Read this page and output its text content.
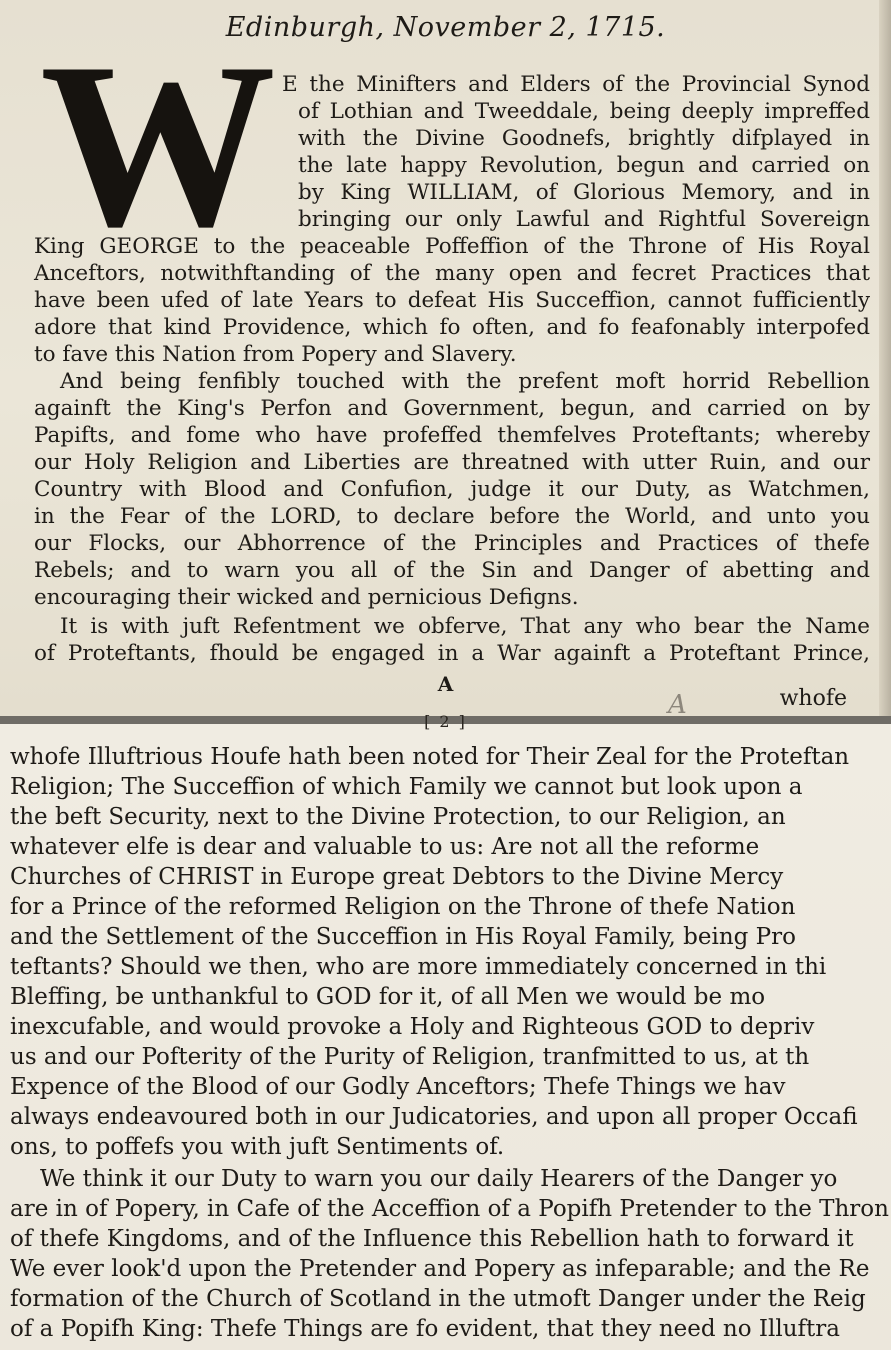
Edinburgh, November 2, 1715.
W E the Minifters and Elders of the Provincial Synod
of Lothian and Tweeddale, being deeply impreffed
with the Divine Goodnefs, brightly difplayed in
the late happy Revolution, begun and carried on
by King WILLIAM, of Glorious Memory, and in
bringing our only Lawful and Rightful Sovereign
King GEORGE to the peaceable Poffeffion of the Throne of His Royal
Anceftors, notwithftanding of the many open and fecret Practices that
have been ufed of late Years to defeat His Succeffion, cannot fufficiently
adore that kind Providence, which fo often, and fo feafonably interpofed
to fave this Nation from Popery and Slavery.
And being fenfibly touched with the prefent moft horrid Rebellion
againft the King's Perfon and Government, begun, and carried on by
Papifts, and fome who have profeffed themfelves Proteftants; whereby
our Holy Religion and Liberties are threatned with utter Ruin, and our
Country with Blood and Confufion, judge it our Duty, as Watchmen,
in the Fear of the LORD, to declare before the World, and unto you
our Flocks, our Abhorrence of the Principles and Practices of thefe
Rebels; and to warn you all of the Sin and Danger of abetting and
encouraging their wicked and pernicious Defigns.
It is with juft Refentment we obferve, That any who bear the Name
of Proteftants, fhould be engaged in a War againft a Proteftant Prince,
A
A	whofe
[ 2 ]
whofe Illuftrious Houfe hath been noted for Their Zeal for the Proteftan
Religion; The Succeffion of which Family we cannot but look upon a
the beft Security, next to the Divine Protection, to our Religion, an
whatever elfe is dear and valuable to us: Are not all the reforme
Churches of CHRIST in Europe great Debtors to the Divine Mercy
for a Prince of the reformed Religion on the Throne of thefe Nation
and the Settlement of the Succeffion in His Royal Family, being Pro
teftants? Should we then, who are more immediately concerned in thi
Bleffing, be unthankful to GOD for it, of all Men we would be mo
inexcufable, and would provoke a Holy and Righteous GOD to depriv
us and our Pofterity of the Purity of Religion, tranfmitted to us, at th
Expence of the Blood of our Godly Anceftors; Thefe Things we hav
always endeavoured both in our Judicatories, and upon all proper Occafi
ons, to poffefs you with juft Sentiments of.
We think it our Duty to warn you our daily Hearers of the Danger yo
are in of Popery, in Cafe of the Acceffion of a Popifh Pretender to the Thron
of thefe Kingdoms, and of the Influence this Rebellion hath to forward it
We ever look'd upon the Pretender and Popery as infeparable; and the Re
formation of the Church of Scotland in the utmoft Danger under the Reig
of a Popifh King: Thefe Things are fo evident, that they need no Illuftra
